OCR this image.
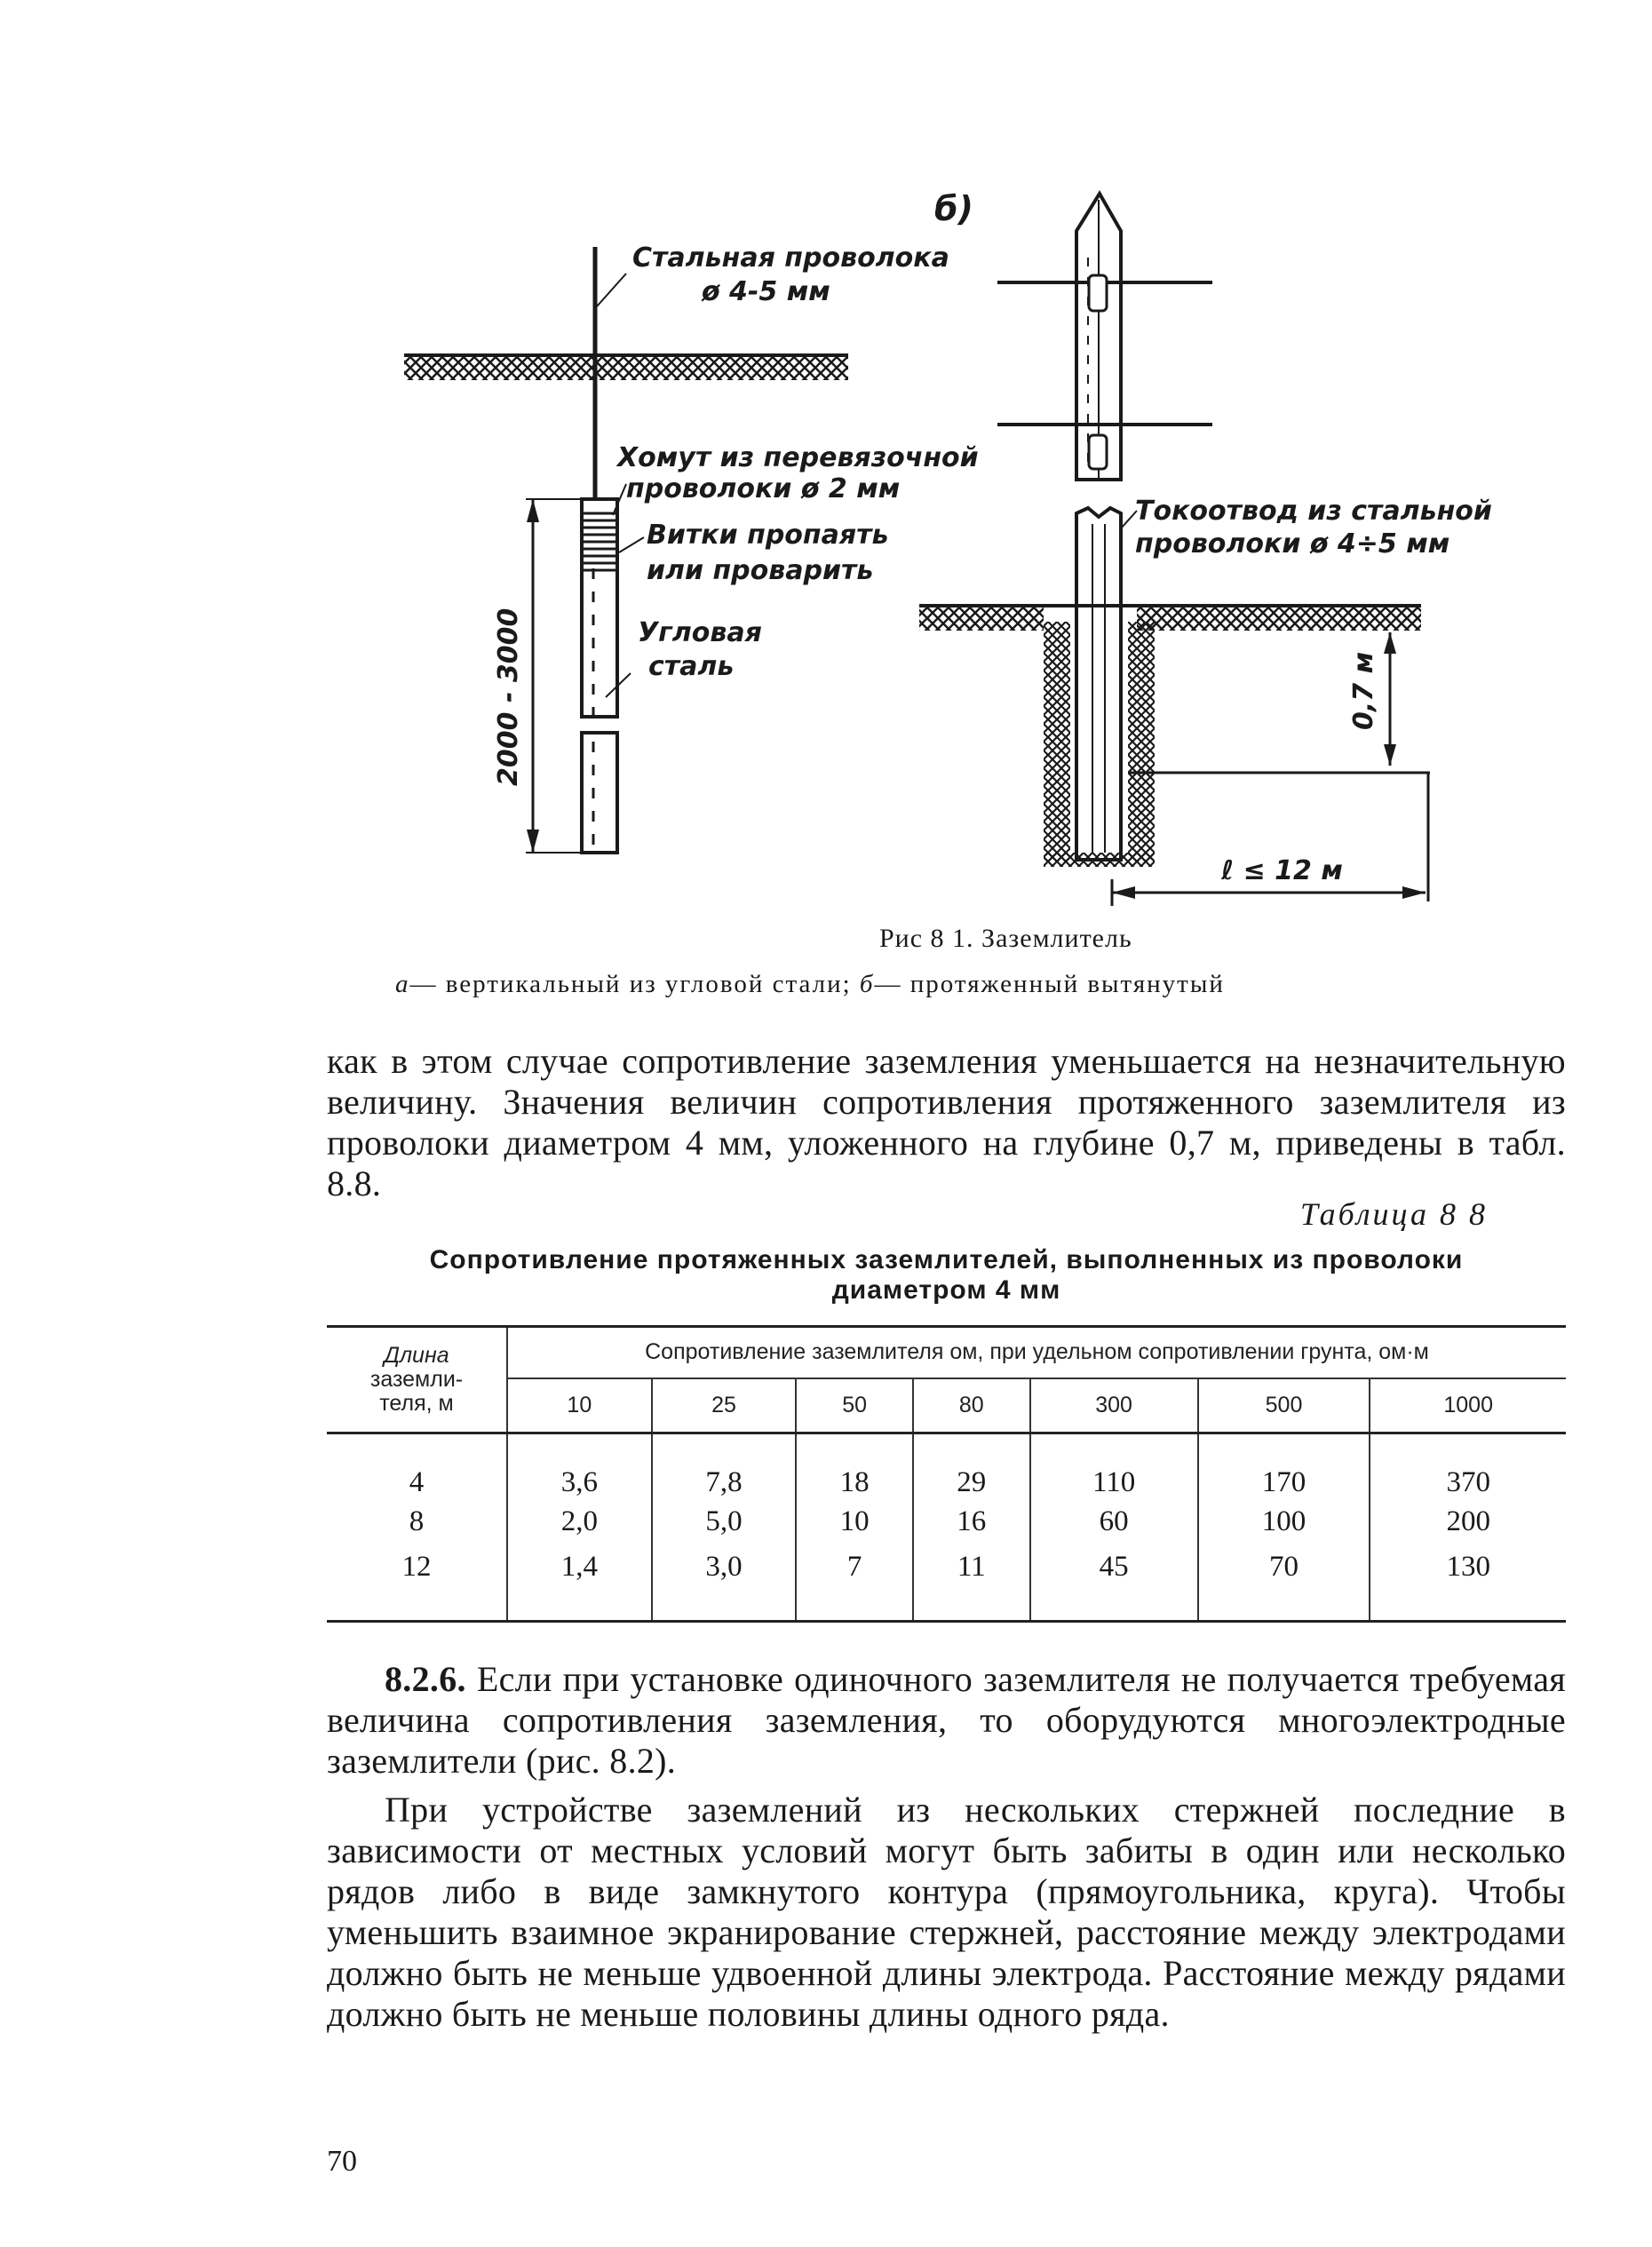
Стальная проволока
ø 4-5 мм
Хомут из перевязочной
проволоки ø 2 мм
Витки пропаять
или проварить
Угловая
сталь
2000 - 3000
б)
0,7 м
ℓ ≤ 12 м
Токоотвод из стальной
проволоки ø 4÷5 мм
Рис 8 1. Заземлитель
а— вертикальный из угловой стали; б— протяженный вытянутый

как в этом случае сопротивление заземления уменьшается на незначительную величину. Значения величин сопротивления протяженного заземлителя из проволоки диаметром 4 мм, уложенного на глубине 0,7 м, приведены в табл. 8.8.

Таблица 8 8
Сопротивление протяженных заземлителей, выполненных из проволоки
диаметром 4 мм
Длина
заземли-
теля, м	Сопротивление заземлителя ом, при удельном сопротивлении грунта, ом·м						
	10	25	50	80	300	500	1000
4	3,6	7,8	18	29	110	170	370
8	2,0	5,0	10	16	60	100	200
12	1,4	3,0	7	11	45	70	130

8.2.6. Если при установке одиночного заземлителя не получается требуемая величина сопротивления заземления, то оборудуются многоэлектродные заземлители (рис. 8.2).

При устройстве заземлений из нескольких стержней последние в зависимости от местных условий могут быть забиты в один или несколько рядов либо в виде замкнутого контура (прямоугольника, круга). Чтобы уменьшить взаимное экранирование стержней, расстояние между электродами должно быть не меньше удвоенной длины электрода. Расстояние между рядами должно быть не меньше половины длины одного ряда.

70
